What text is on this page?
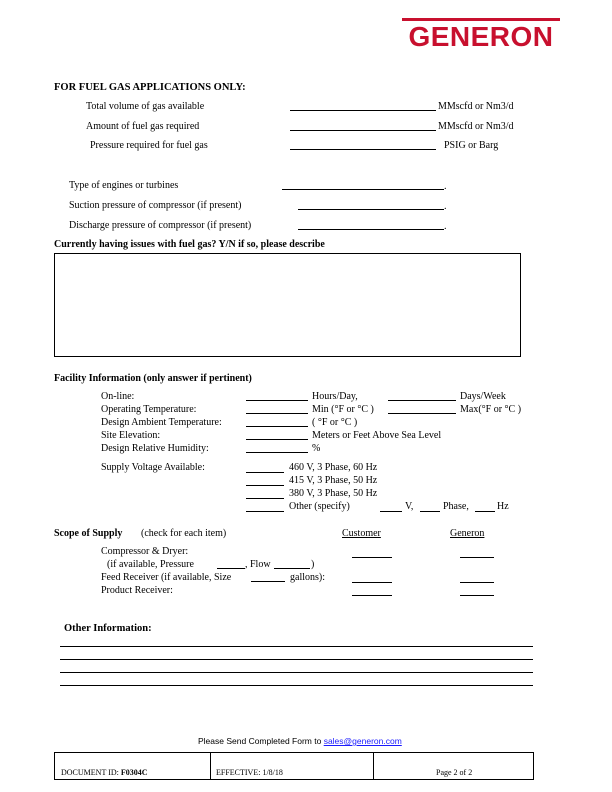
GENERON
FOR FUEL GAS APPLICATIONS ONLY:
Total volume of gas available	MMscfd or Nm3/d
Amount of fuel gas required	MMscfd or Nm3/d
Pressure required for fuel gas	PSIG or Barg
Type of engines or turbines	.
Suction pressure of compressor (if present)	.
Discharge pressure of compressor (if present)	.
Currently having issues with fuel gas? Y/N if so, please describe
Facility Information (only answer if pertinent)
On-line:	Hours/Day,	Days/Week
Operating Temperature:	Min (°F or °C )	Max(°F or °C )
Design Ambient Temperature:	( °F or °C )
Site Elevation:	Meters or Feet Above Sea Level
Design Relative Humidity:	%
Supply Voltage Available:	460 V, 3 Phase, 60 Hz
415 V, 3 Phase, 50 Hz
380 V, 3 Phase, 50 Hz
Other (specify)	V,	Phase,	Hz
Scope of Supply (check for each item)	Customer	Generon
Compressor & Dryer:
(if available, Pressure	, Flow	)
Feed Receiver (if available, Size	gallons):
Product Receiver:
Other Information:
Please Send Completed Form to sales@generon.com
DOCUMENT ID: F0304C	EFFECTIVE: 1/8/18	Page 2 of 2
